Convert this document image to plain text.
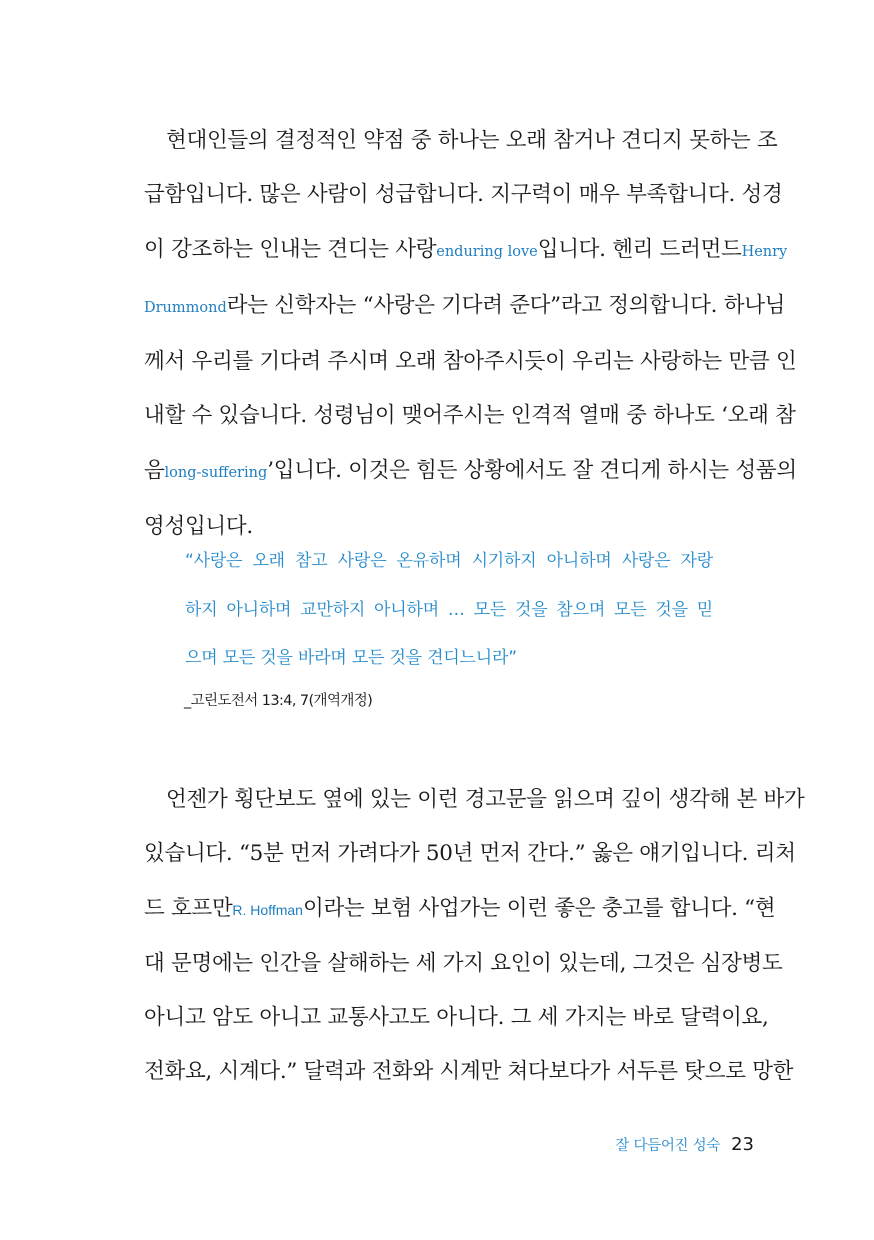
현대인들의 결정적인 약점 중 하나는 오래 참거나 견디지 못하는 조
급함입니다. 많은 사람이 성급합니다. 지구력이 매우 부족합니다. 성경
이 강조하는 인내는 견디는 사랑enduring love입니다. 헨리 드러먼드Henry
Drummond라는 신학자는 “사랑은 기다려 준다”라고 정의합니다. 하나님
께서 우리를 기다려 주시며 오래 참아주시듯이 우리는 사랑하는 만큼 인
내할 수 있습니다. 성령님이 맺어주시는 인격적 열매 중 하나도 ‘오래 참
음long-suffering’입니다. 이것은 힘든 상황에서도 잘 견디게 하시는 성품의
영성입니다.
“사랑은 오래 참고 사랑은 온유하며 시기하지 아니하며 사랑은 자랑
하지 아니하며 교만하지 아니하며 … 모든 것을 참으며 모든 것을 믿
으며 모든 것을 바라며 모든 것을 견디느니라”
_고린도전서 13:4, 7(개역개정)
언젠가 횡단보도 옆에 있는 이런 경고문을 읽으며 깊이 생각해 본 바가
있습니다. “5분 먼저 가려다가 50년 먼저 간다.” 옳은 얘기입니다. 리처
드 호프만R. Hoffman이라는 보험 사업가는 이런 좋은 충고를 합니다. “현
대 문명에는 인간을 살해하는 세 가지 요인이 있는데, 그것은 심장병도
아니고 암도 아니고 교통사고도 아니다. 그 세 가지는 바로 달력이요,
전화요, 시계다.” 달력과 전화와 시계만 쳐다보다가 서두른 탓으로 망한
잘 다듬어진 성숙 23
